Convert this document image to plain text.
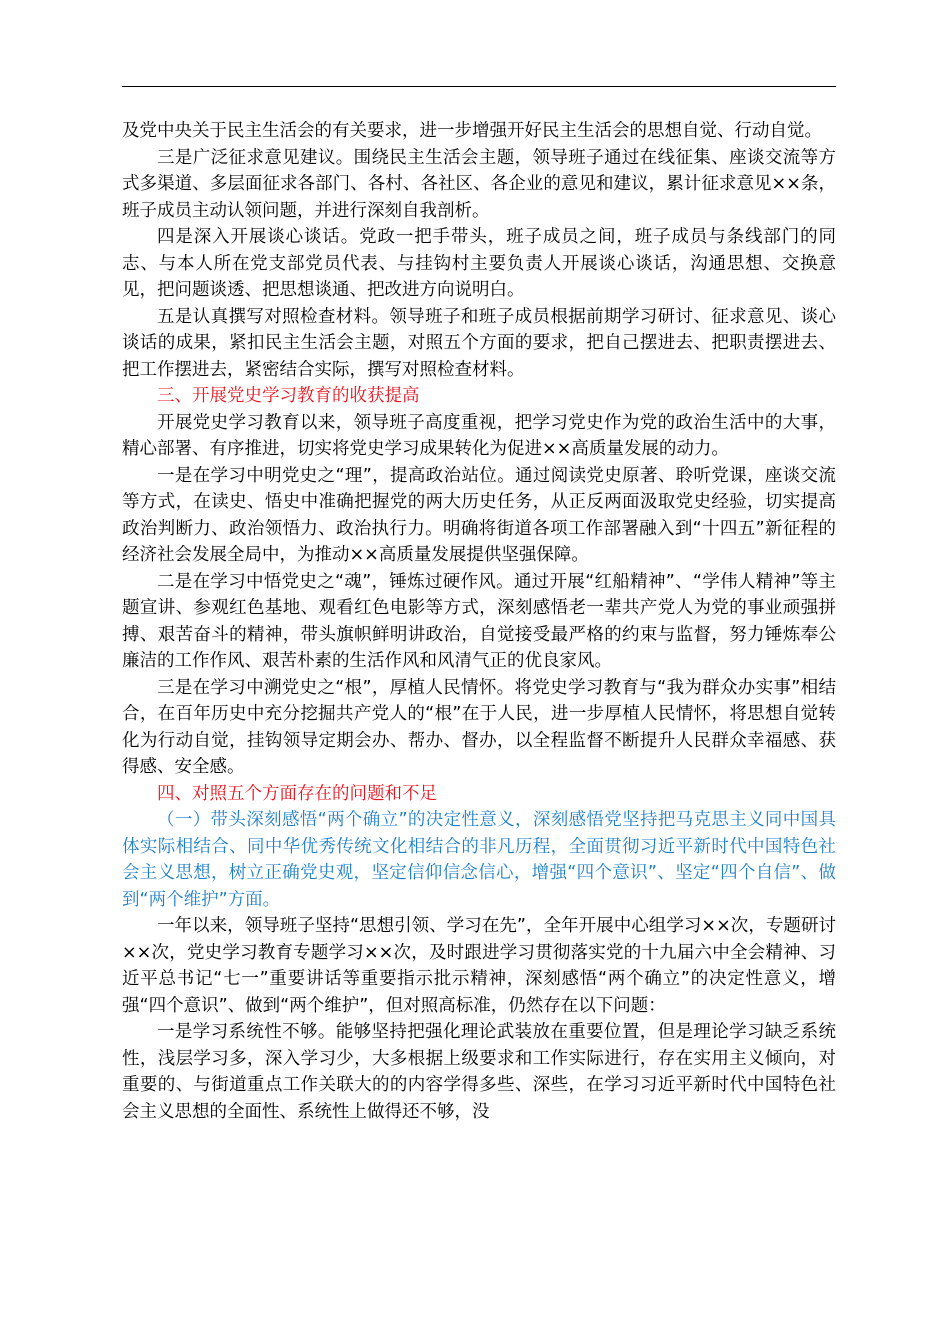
及党中央关于民主生活会的有关要求，进一步增强开好民主生活会的思想自觉、行动自觉。

三是广泛征求意见建议。围绕民主生活会主题，领导班子通过在线征集、座谈交流等方式多渠道、多层面征求各部门、各村、各社区、各企业的意见和建议，累计征求意见××条，班子成员主动认领问题，并进行深刻自我剖析。

四是深入开展谈心谈话。党政一把手带头，班子成员之间，班子成员与条线部门的同志、与本人所在党支部党员代表、与挂钩村主要负责人开展谈心谈话，沟通思想、交换意见，把问题谈透、把思想谈通、把改进方向说明白。

五是认真撰写对照检查材料。领导班子和班子成员根据前期学习研讨、征求意见、谈心谈话的成果，紧扣民主生活会主题，对照五个方面的要求，把自己摆进去、把职责摆进去、把工作摆进去，紧密结合实际，撰写对照检查材料。

三、开展党史学习教育的收获提高

开展党史学习教育以来，领导班子高度重视，把学习党史作为党的政治生活中的大事，精心部署、有序推进，切实将党史学习成果转化为促进××高质量发展的动力。

一是在学习中明党史之“理”，提高政治站位。通过阅读党史原著、聆听党课，座谈交流等方式，在读史、悟史中准确把握党的两大历史任务，从正反两面汲取党史经验，切实提高政治判断力、政治领悟力、政治执行力。明确将街道各项工作部署融入到“十四五”新征程的经济社会发展全局中，为推动××高质量发展提供坚强保障。

二是在学习中悟党史之“魂”，锤炼过硬作风。通过开展“红船精神”、“学伟人精神”等主题宣讲、参观红色基地、观看红色电影等方式，深刻感悟老一辈共产党人为党的事业顽强拼搏、艰苦奋斗的精神，带头旗帜鲜明讲政治，自觉接受最严格的约束与监督，努力锤炼奉公廉洁的工作作风、艰苦朴素的生活作风和风清气正的优良家风。

三是在学习中溯党史之“根”，厚植人民情怀。将党史学习教育与“我为群众办实事”相结合，在百年历史中充分挖掘共产党人的“根”在于人民，进一步厚植人民情怀，将思想自觉转化为行动自觉，挂钩领导定期会办、帮办、督办，以全程监督不断提升人民群众幸福感、获得感、安全感。

四、对照五个方面存在的问题和不足

（一）带头深刻感悟“两个确立”的决定性意义，深刻感悟党坚持把马克思主义同中国具体实际相结合、同中华优秀传统文化相结合的非凡历程，全面贯彻习近平新时代中国特色社会主义思想，树立正确党史观，坚定信仰信念信心，增强“四个意识”、坚定“四个自信”、做到“两个维护”方面。

一年以来，领导班子坚持“思想引领、学习在先”，全年开展中心组学习××次，专题研讨××次，党史学习教育专题学习××次，及时跟进学习贯彻落实党的十九届六中全会精神、习近平总书记“七一”重要讲话等重要指示批示精神，深刻感悟“两个确立”的决定性意义，增强“四个意识”、做到“两个维护”，但对照高标准，仍然存在以下问题：

一是学习系统性不够。能够坚持把强化理论武装放在重要位置，但是理论学习缺乏系统性，浅层学习多，深入学习少，大多根据上级要求和工作实际进行，存在实用主义倾向，对重要的、与街道重点工作关联大的的内容学得多些、深些，在学习习近平新时代中国特色社会主义思想的全面性、系统性上做得还不够，没
